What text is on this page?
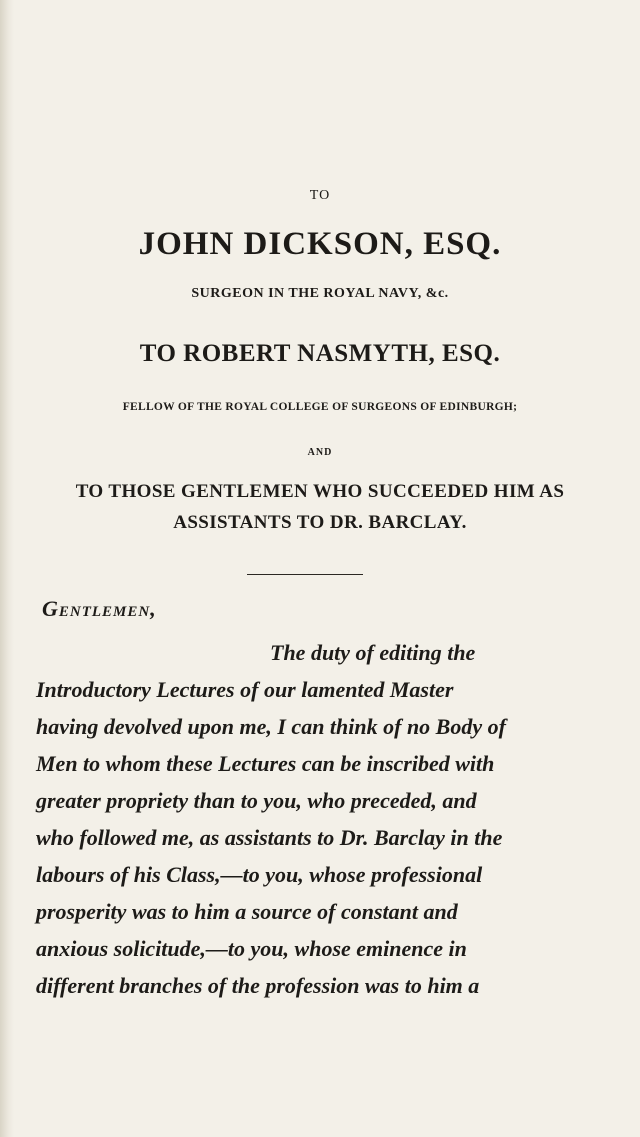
TO
JOHN DICKSON, ESQ.
SURGEON IN THE ROYAL NAVY, &c.
TO ROBERT NASMYTH, ESQ.
FELLOW OF THE ROYAL COLLEGE OF SURGEONS OF EDINBURGH;
AND
TO THOSE GENTLEMEN WHO SUCCEEDED HIM AS
ASSISTANTS TO DR. BARCLAY.
Gentlemen,
The duty of editing the
Introductory Lectures of our lamented Master
having devolved upon me, I can think of no Body of
Men to whom these Lectures can be inscribed with
greater propriety than to you, who preceded, and
who followed me, as assistants to Dr. Barclay in the
labours of his Class,—to you, whose professional
prosperity was to him a source of constant and
anxious solicitude,—to you, whose eminence in
different branches of the profession was to him a
